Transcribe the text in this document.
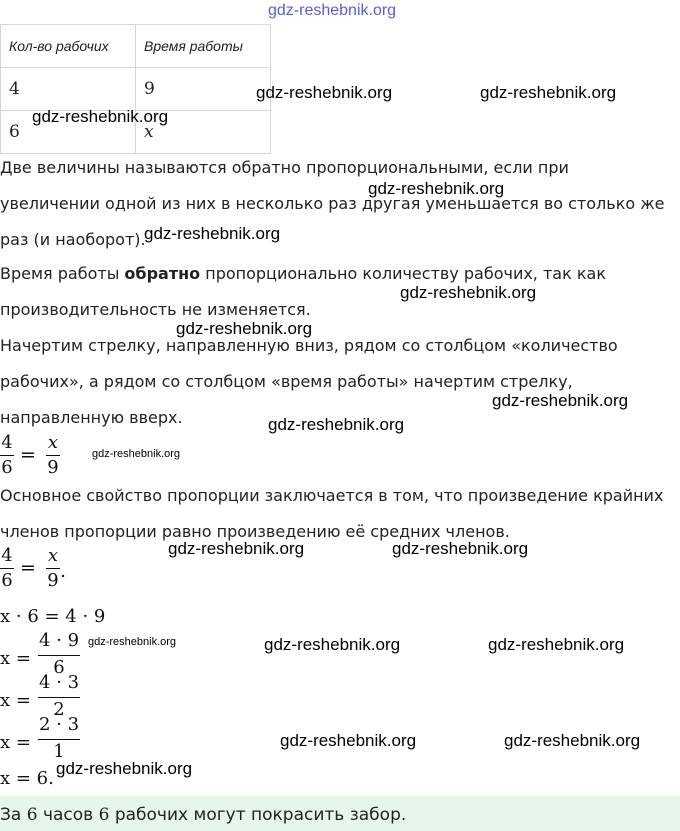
gdz-reshebnik.org
Кол-во рабочих	Время работы
4	9
6	x
gdz-reshebnik.org	gdz-reshebnik.org
gdz-reshebnik.org
Две величины называются обратно пропорциональными, если при
gdz-reshebnik.org
увеличении одной из них в несколько раз другая уменьшается во столько же
раз (и наоборот).
gdz-reshebnik.org
Время работы обратно пропорционально количеству рабочих, так как
gdz-reshebnik.org
производительность не изменяется.
gdz-reshebnik.org
Начертим стрелку, направленную вниз, рядом со столбцом «количество
рабочих», а рядом со столбцом «время работы» начертим стрелку,
gdz-reshebnik.org
направленную вверх.	gdz-reshebnik.org
4
6
=
x
9
gdz-reshebnik.org
Основное свойство пропорции заключается в том, что произведение крайних
членов пропорции равно произведению её средних членов.
gdz-reshebnik.org	gdz-reshebnik.org
4
6
=
x
9 .
x · 6 = 4 · 9
x =
4 · 9
6
gdz-reshebnik.org	gdz-reshebnik.org	gdz-reshebnik.org
x =
4 · 3
2
x =
2 · 3
1
gdz-reshebnik.org	gdz-reshebnik.org
x = 6. gdz-reshebnik.org
За 6 часов 6 рабочих могут покрасить забор.
